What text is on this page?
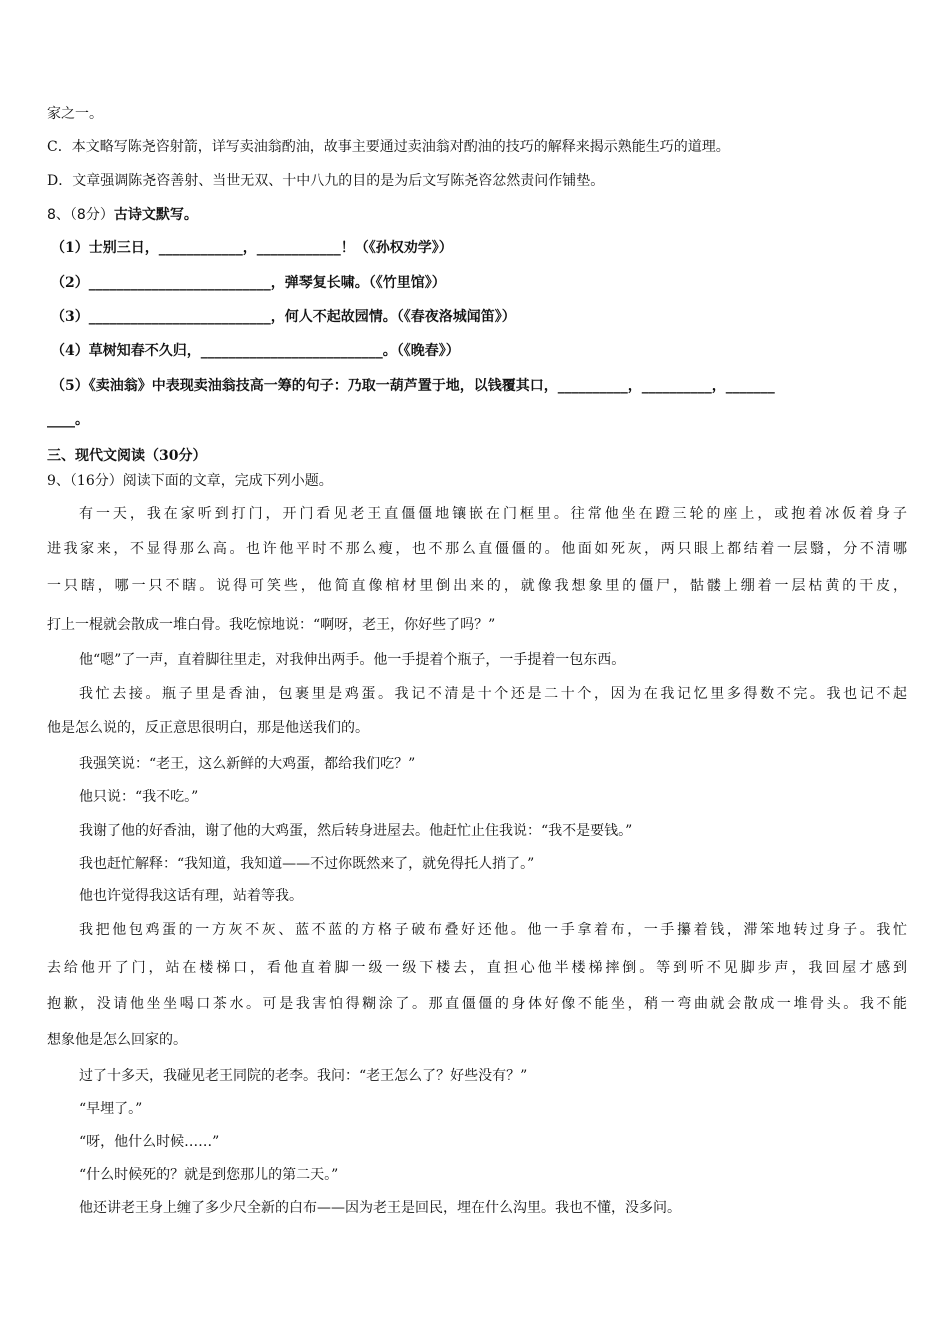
家之一。
C．本文略写陈尧咨射箭，详写卖油翁酌油，故事主要通过卖油翁对酌油的技巧的解释来揭示熟能生巧的道理。
D．文章强调陈尧咨善射、当世无双、十中八九的目的是为后文写陈尧咨忿然责问作铺垫。
8、（8分）古诗文默写。
（1）士别三日，____________，____________！（《孙权劝学》）
（2）__________________________，弹琴复长啸。（《竹里馆》）
（3）__________________________，何人不起故园情。（《春夜洛城闻笛》）
（4）草树知春不久归，__________________________。（《晚春》）
（5）《卖油翁》中表现卖油翁技高一筹的句子：乃取一葫芦置于地，以钱覆其口，__________，__________，_______
____。
三、现代文阅读（30分）
9、（16分）阅读下面的文章，完成下列小题。
有一天，我在家听到打门，开门看见老王直僵僵地镶嵌在门框里。往常他坐在蹬三轮的座上，或抱着冰仮着身子
进我家来，不显得那么高。也许他平时不那么瘦，也不那么直僵僵的。他面如死灰，两只眼上都结着一层翳，分不清哪
一只瞎，哪一只不瞎。说得可笑些，他简直像棺材里倒出来的，就像我想象里的僵尸，骷髅上绷着一层枯黄的干皮，
打上一棍就会散成一堆白骨。我吃惊地说：“啊呀，老王，你好些了吗？”
他“嗯”了一声，直着脚往里走，对我伸出两手。他一手提着个瓶子，一手提着一包东西。
我忙去接。瓶子里是香油，包裹里是鸡蛋。我记不清是十个还是二十个，因为在我记忆里多得数不完。我也记不起
他是怎么说的，反正意思很明白，那是他送我们的。
我强笑说：“老王，这么新鲜的大鸡蛋，都给我们吃？”
他只说：“我不吃。”
我谢了他的好香油，谢了他的大鸡蛋，然后转身进屋去。他赶忙止住我说：“我不是要钱。”
我也赶忙解释：“我知道，我知道——不过你既然来了，就免得托人捎了。”
他也许觉得我这话有理，站着等我。
我把他包鸡蛋的一方灰不灰、蓝不蓝的方格子破布叠好还他。他一手拿着布，一手攥着钱，滞笨地转过身子。我忙
去给他开了门，站在楼梯口，看他直着脚一级一级下楼去，直担心他半楼梯摔倒。等到听不见脚步声，我回屋才感到
抱歉，没请他坐坐喝口茶水。可是我害怕得糊涂了。那直僵僵的身体好像不能坐，稍一弯曲就会散成一堆骨头。我不能
想象他是怎么回家的。
过了十多天，我碰见老王同院的老李。我问：“老王怎么了？好些没有？”
“早埋了。”
“呀，他什么时候……”
“什么时候死的？就是到您那儿的第二天。”
他还讲老王身上缠了多少尺全新的白布——因为老王是回民，埋在什么沟里。我也不懂，没多问。
